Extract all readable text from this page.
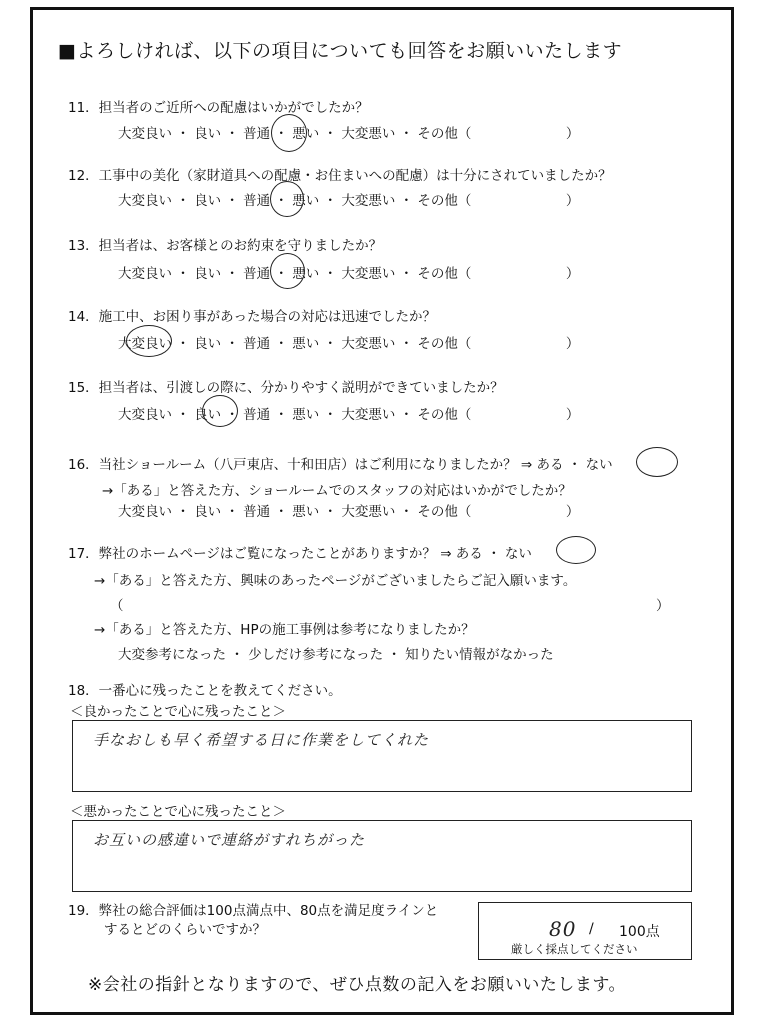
■よろしければ、以下の項目についても回答をお願いいたします
11．担当者のご近所への配慮はいかがでしたか？
大変良い ・ 良い ・ 普通 ・ 悪い ・ 大変悪い ・ その他（　　　　　　　）
12．工事中の美化（家財道具への配慮・お住まいへの配慮）は十分にされていましたか？
大変良い ・ 良い ・ 普通 ・ 悪い ・ 大変悪い ・ その他（　　　　　　　）
13．担当者は、お客様とのお約束を守りましたか？
大変良い ・ 良い ・ 普通 ・ 悪い ・ 大変悪い ・ その他（　　　　　　　）
14．施工中、お困り事があった場合の対応は迅速でしたか？
大変良い ・ 良い ・ 普通 ・ 悪い ・ 大変悪い ・ その他（　　　　　　　）
15．担当者は、引渡しの際に、分かりやすく説明ができていましたか？
大変良い ・ 良い ・ 普通 ・ 悪い ・ 大変悪い ・ その他（　　　　　　　）
16．当社ショールーム（八戸東店、十和田店）はご利用になりましたか？ ⇒ ある ・ ない
→「ある」と答えた方、ショールームでのスタッフの対応はいかがでしたか？
大変良い ・ 良い ・ 普通 ・ 悪い ・ 大変悪い ・ その他（　　　　　　　）
17．弊社のホームページはご覧になったことがありますか？ ⇒ ある ・ ない
→「ある」と答えた方、興味のあったページがございましたらご記入願います。
（	）
→「ある」と答えた方、HPの施工事例は参考になりましたか？
大変参考になった ・ 少しだけ参考になった ・ 知りたい情報がなかった
18．一番心に残ったことを教えてください。
＜良かったことで心に残ったこと＞
手なおしも早く希望する日に作業をしてくれた
＜悪かったことで心に残ったこと＞
お互いの感違いで連絡がすれちがった
19．弊社の総合評価は100点満点中、80点を満足度ラインと
するとどのくらいですか？	80 / 100点
厳しく採点してください
※会社の指針となりますので、ぜひ点数の記入をお願いいたします。
